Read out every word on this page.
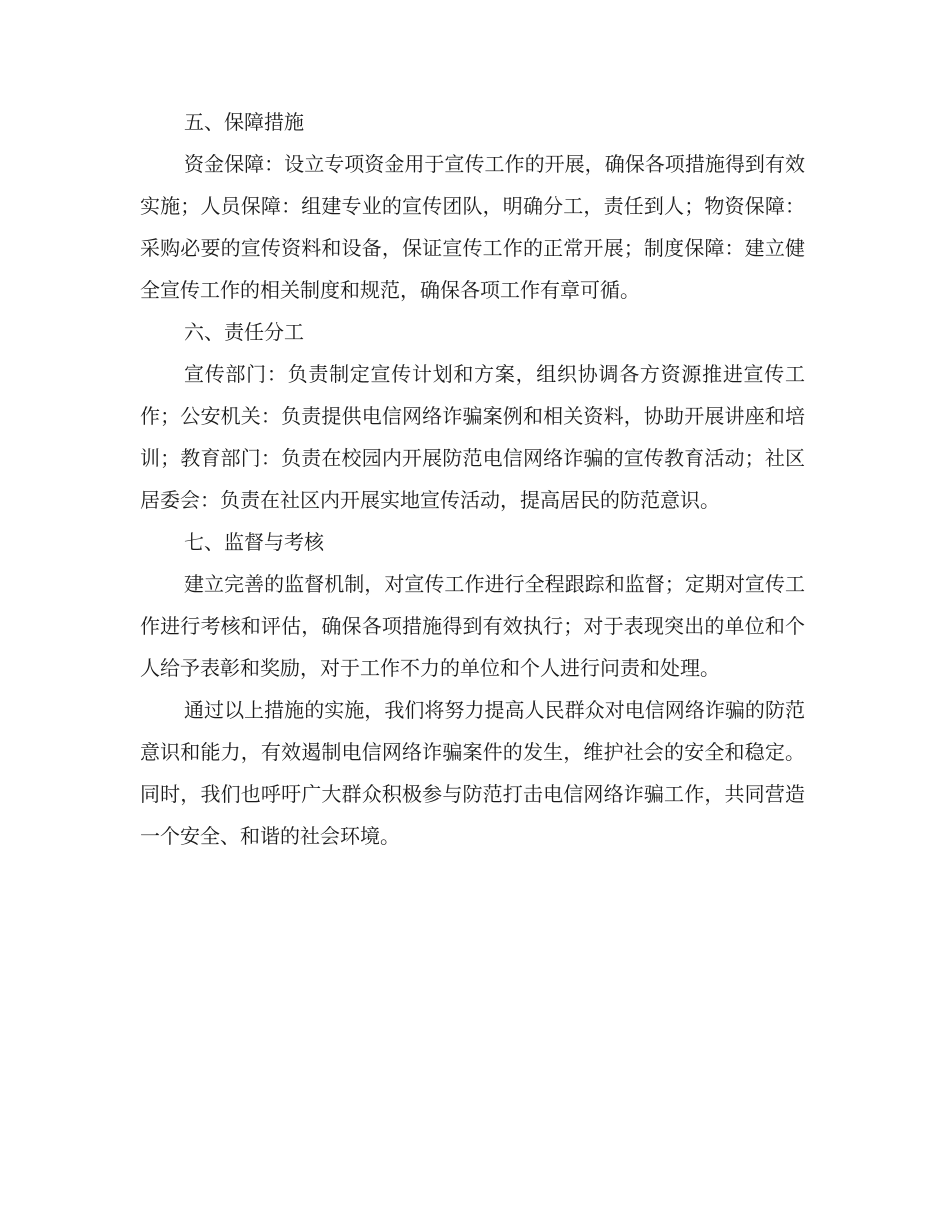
五、保障措施

资金保障：设立专项资金用于宣传工作的开展，确保各项措施得到有效实施；人员保障：组建专业的宣传团队，明确分工，责任到人；物资保障：采购必要的宣传资料和设备，保证宣传工作的正常开展；制度保障：建立健全宣传工作的相关制度和规范，确保各项工作有章可循。

六、责任分工

宣传部门：负责制定宣传计划和方案，组织协调各方资源推进宣传工作；公安机关：负责提供电信网络诈骗案例和相关资料，协助开展讲座和培训；教育部门：负责在校园内开展防范电信网络诈骗的宣传教育活动；社区居委会：负责在社区内开展实地宣传活动，提高居民的防范意识。

七、监督与考核

建立完善的监督机制，对宣传工作进行全程跟踪和监督；定期对宣传工作进行考核和评估，确保各项措施得到有效执行；对于表现突出的单位和个人给予表彰和奖励，对于工作不力的单位和个人进行问责和处理。

通过以上措施的实施，我们将努力提高人民群众对电信网络诈骗的防范意识和能力，有效遏制电信网络诈骗案件的发生，维护社会的安全和稳定。同时，我们也呼吁广大群众积极参与防范打击电信网络诈骗工作，共同营造一个安全、和谐的社会环境。
